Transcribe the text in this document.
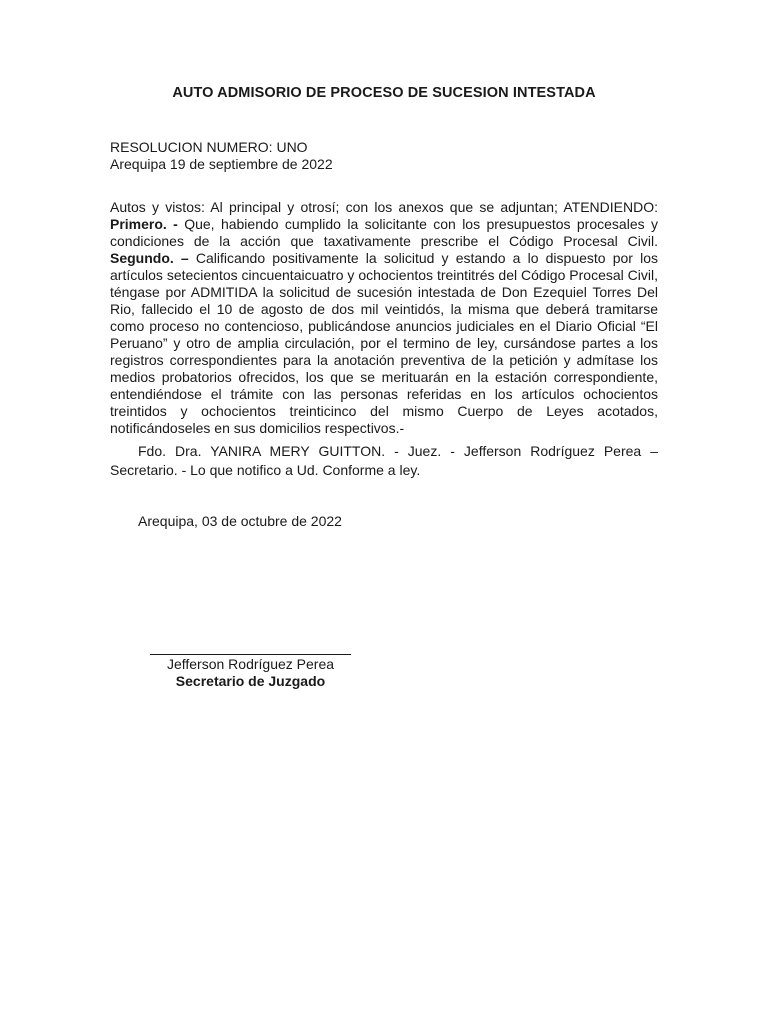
AUTO ADMISORIO DE PROCESO DE SUCESION INTESTADA
RESOLUCION NUMERO: UNO
Arequipa 19 de septiembre de 2022

Autos y vistos: Al principal y otrosí; con los anexos que se adjuntan; ATENDIENDO: Primero. - Que, habiendo cumplido la solicitante con los presupuestos procesales y condiciones de la acción que taxativamente prescribe el Código Procesal Civil. Segundo. – Calificando positivamente la solicitud y estando a lo dispuesto por los artículos setecientos cincuentaicuatro y ochocientos treintitrés del Código Procesal Civil, téngase por ADMITIDA la solicitud de sucesión intestada de Don Ezequiel Torres Del Rio, fallecido el 10 de agosto de dos mil veintidós, la misma que deberá tramitarse como proceso no contencioso, publicándose anuncios judiciales en el Diario Oficial “El Peruano” y otro de amplia circulación, por el termino de ley, cursándose partes a los registros correspondientes para la anotación preventiva de la petición y admítase los medios probatorios ofrecidos, los que se merituarán en la estación correspondiente, entendiéndose el trámite con las personas referidas en los artículos ochocientos treintidos y ochocientos treinticinco del mismo Cuerpo de Leyes acotados, notificándoseles en sus domicilios respectivos.-

Fdo. Dra. YANIRA MERY GUITTON. - Juez. - Jefferson Rodríguez Perea – Secretario. - Lo que notifico a Ud. Conforme a ley.

Arequipa, 03 de octubre de 2022
Jefferson Rodríguez Perea
Secretario de Juzgado
